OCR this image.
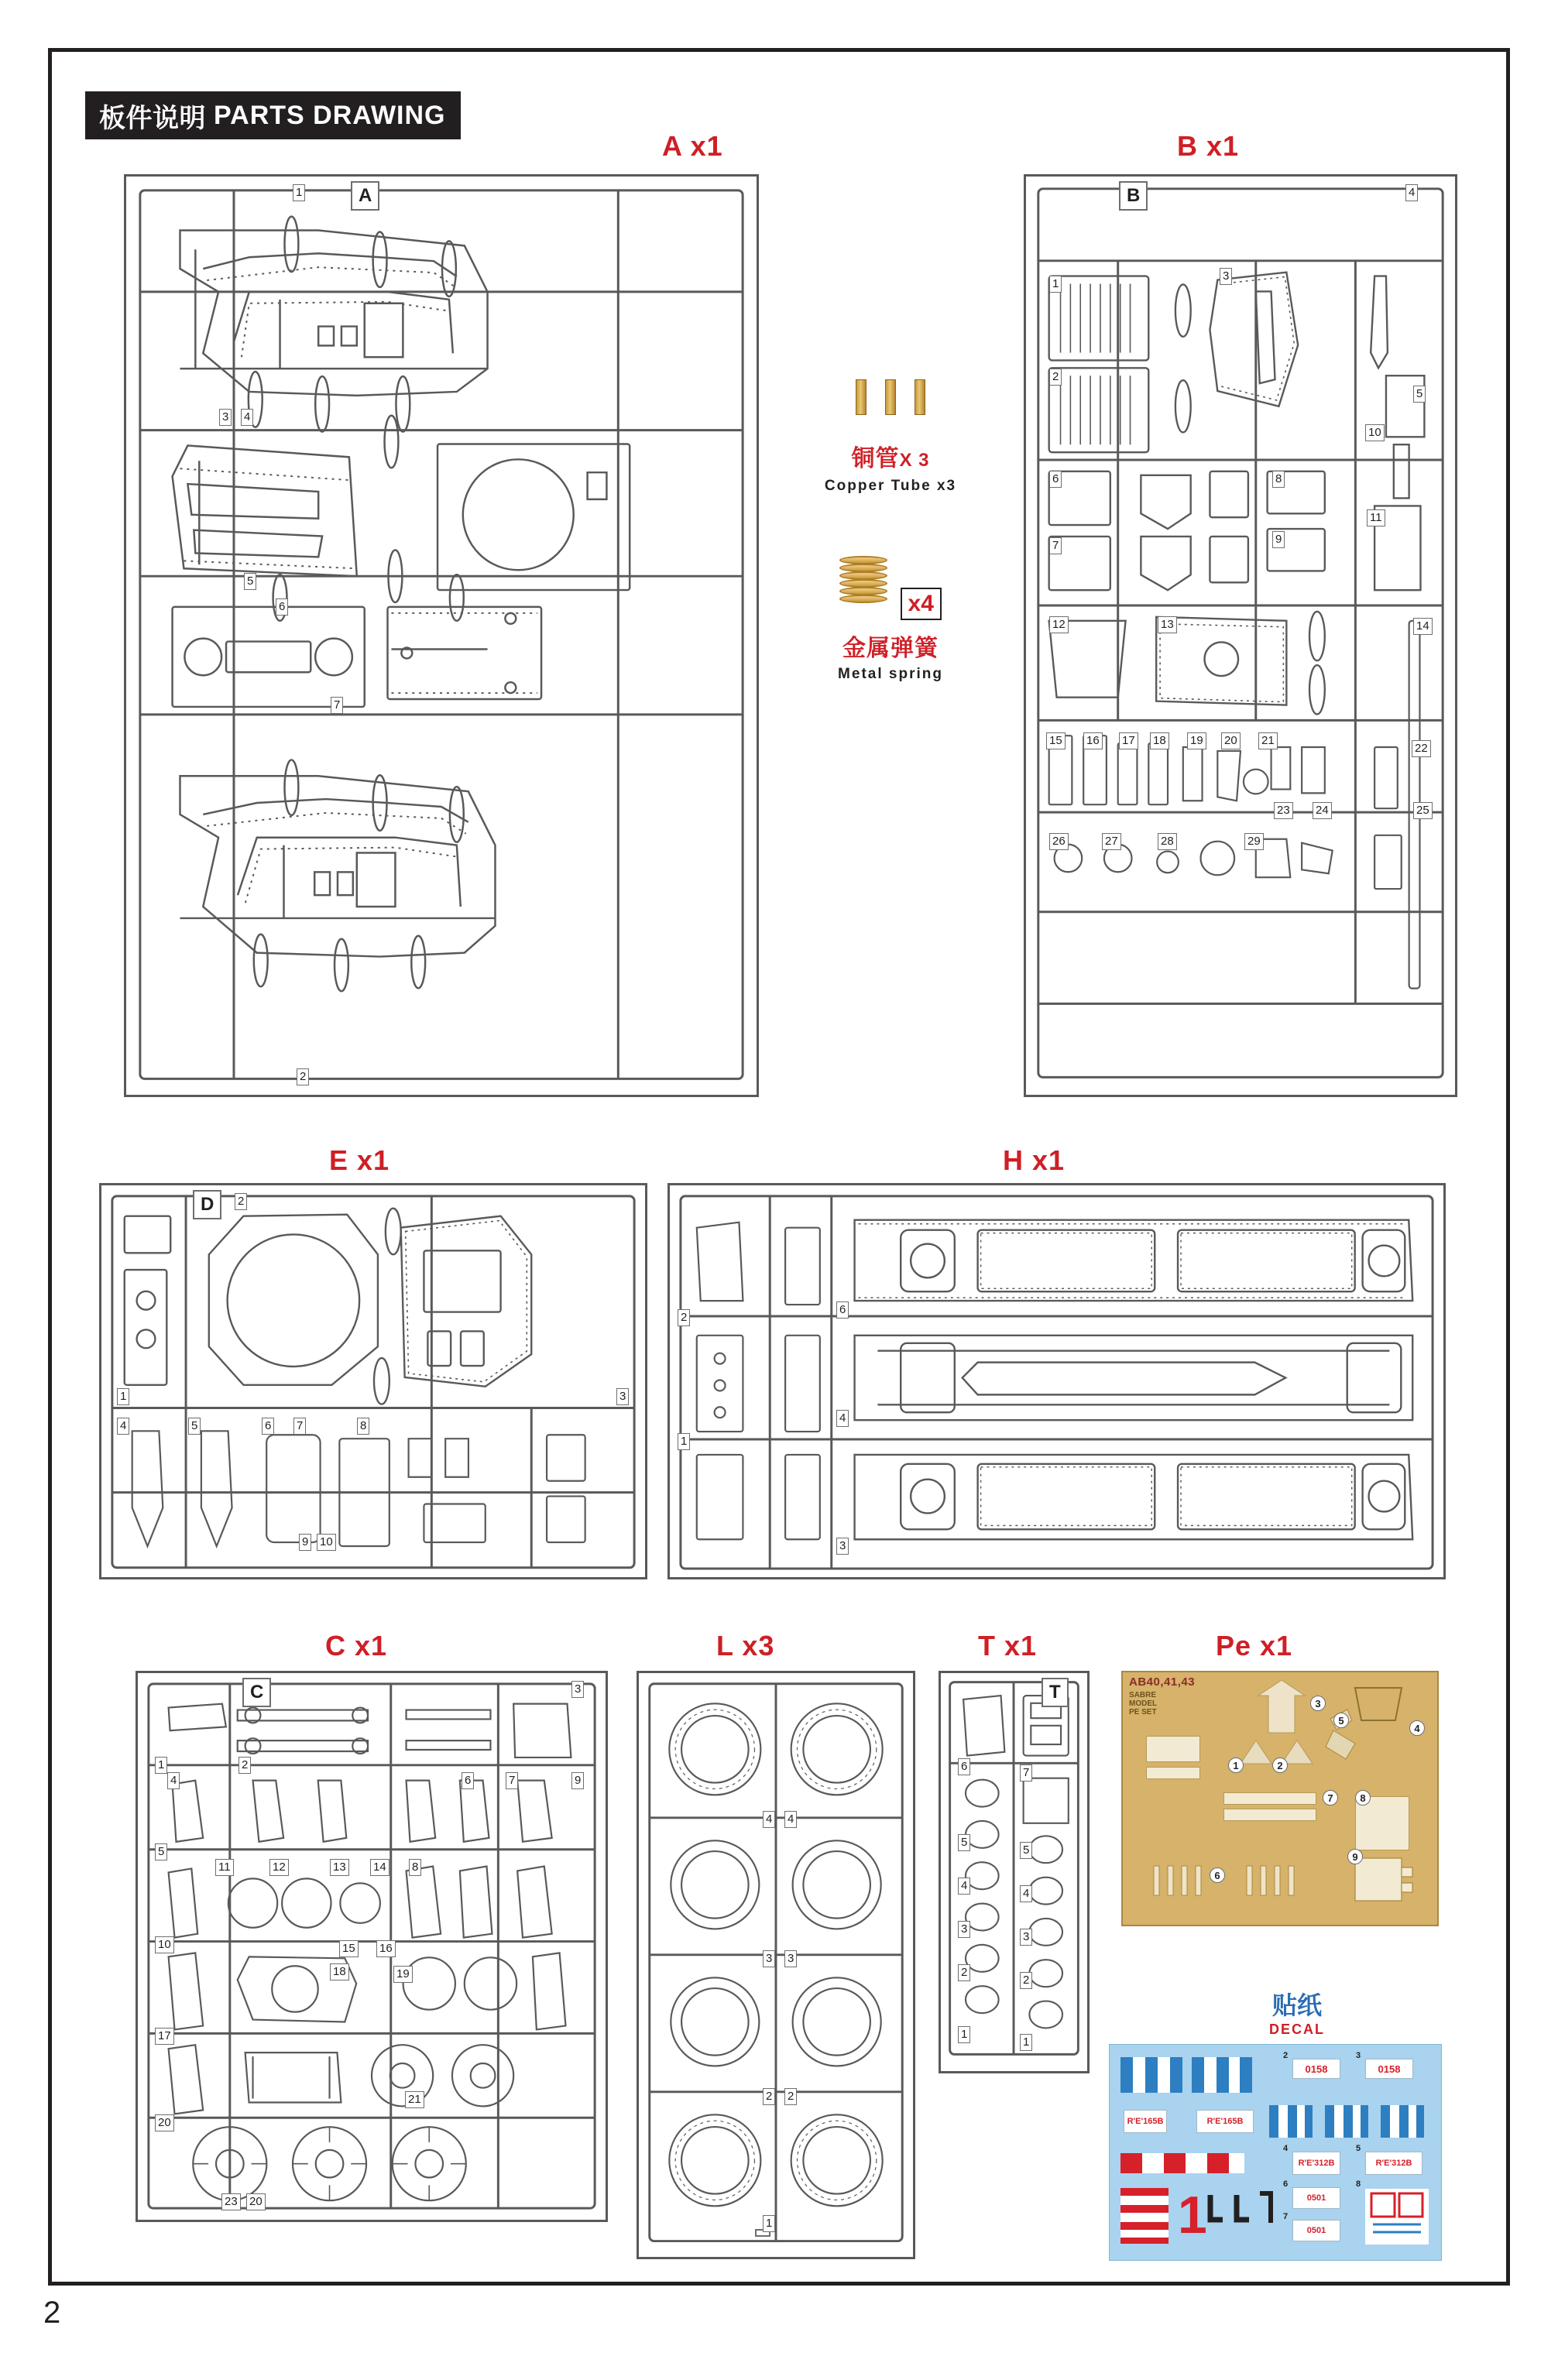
2
板件说明 PARTS DRAWING
A x1	B x1
E x1	H x1
C x1	L x3	T x1	Pe x1
A
1
3 4
5
6
7
2

铜管X 3
Copper Tube x3
x4
金属弹簧
Metal spring
B
1
2
3
4
5
6
7
8
9
10
11
12	13	14
15 16 17 18 19 20 21
22
23 24	25
26	27	28	29
D	2
1	3
4	5	6 7	8
9 10
2
1
6
4
3
C
1	2
3
4
5
9
7
6
8
10
11	12	13 14
15 16
17
18	19
20
21
23 20
4 4
3 3
2 2
1
T
6	7
5
5
4
4
3
3
2
2
1
1
AB40,41,43
SABRE
MODEL
PE SET
1	2
3
4
5
6
7	8
9
贴纸
DECAL
0158	0158
R'E'165B	R'E'165B
R'E'312B	R'E'312B
1	0501
0501
2	3
4	5
6
7
8
